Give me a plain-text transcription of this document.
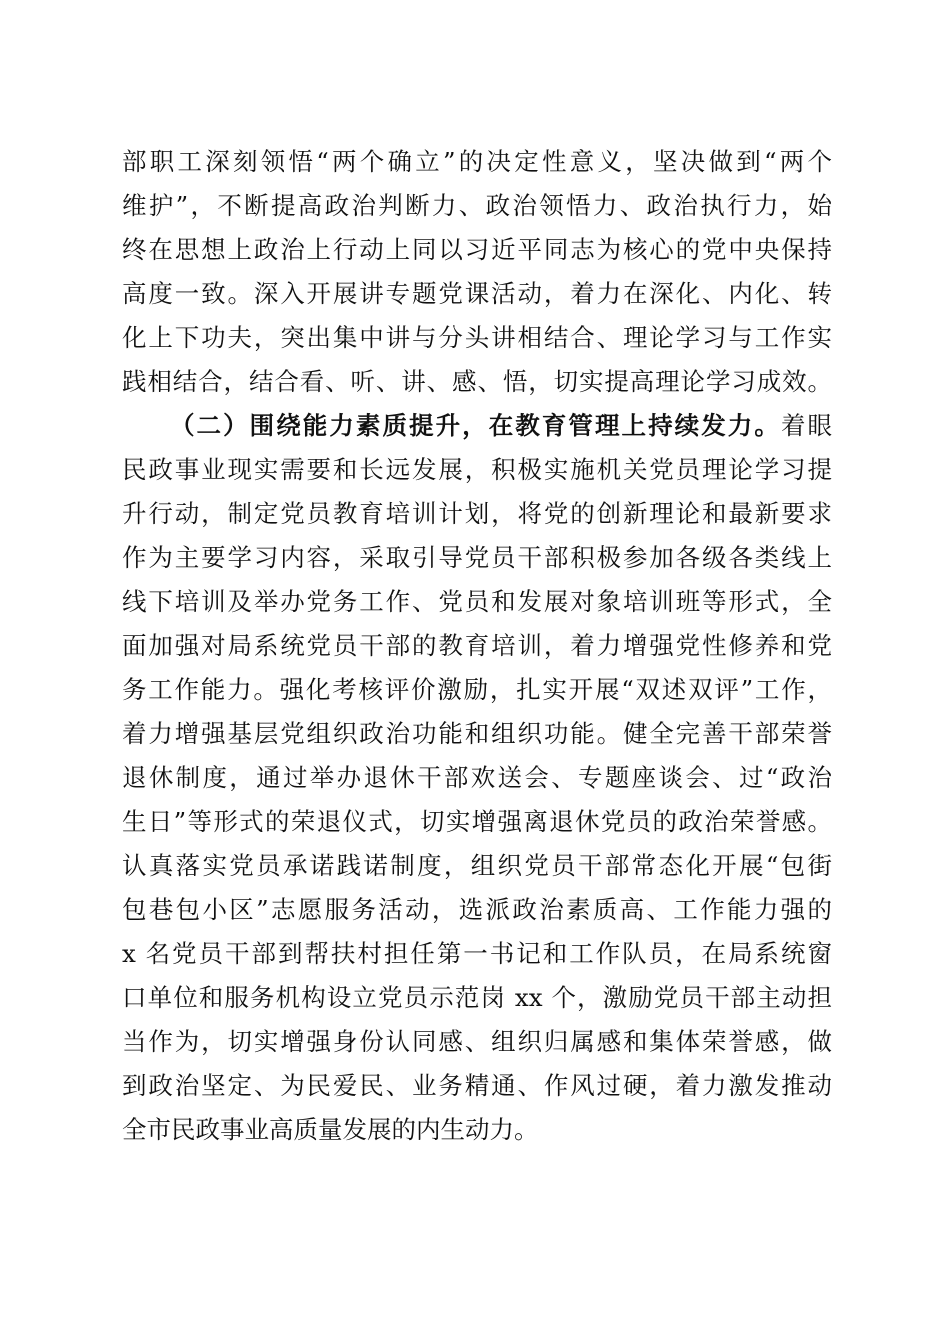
部职工深刻领悟“两个确立”的决定性意义，坚决做到“两个
维护”，不断提高政治判断力、政治领悟力、政治执行力，始
终在思想上政治上行动上同以习近平同志为核心的党中央保持
高度一致。深入开展讲专题党课活动，着力在深化、内化、转
化上下功夫，突出集中讲与分头讲相结合、理论学习与工作实
践相结合，结合看、听、讲、感、悟，切实提高理论学习成效。
（二）围绕能力素质提升，在教育管理上持续发力。着眼
民政事业现实需要和长远发展，积极实施机关党员理论学习提
升行动，制定党员教育培训计划，将党的创新理论和最新要求
作为主要学习内容，采取引导党员干部积极参加各级各类线上
线下培训及举办党务工作、党员和发展对象培训班等形式，全
面加强对局系统党员干部的教育培训，着力增强党性修养和党
务工作能力。强化考核评价激励，扎实开展“双述双评”工作，
着力增强基层党组织政治功能和组织功能。健全完善干部荣誉
退休制度，通过举办退休干部欢送会、专题座谈会、过“政治
生日”等形式的荣退仪式，切实增强离退休党员的政治荣誉感。
认真落实党员承诺践诺制度，组织党员干部常态化开展“包街
包巷包小区”志愿服务活动，选派政治素质高、工作能力强的
x 名党员干部到帮扶村担任第一书记和工作队员，在局系统窗
口单位和服务机构设立党员示范岗 xx 个，激励党员干部主动担
当作为，切实增强身份认同感、组织归属感和集体荣誉感，做
到政治坚定、为民爱民、业务精通、作风过硬，着力激发推动
全市民政事业高质量发展的内生动力。
